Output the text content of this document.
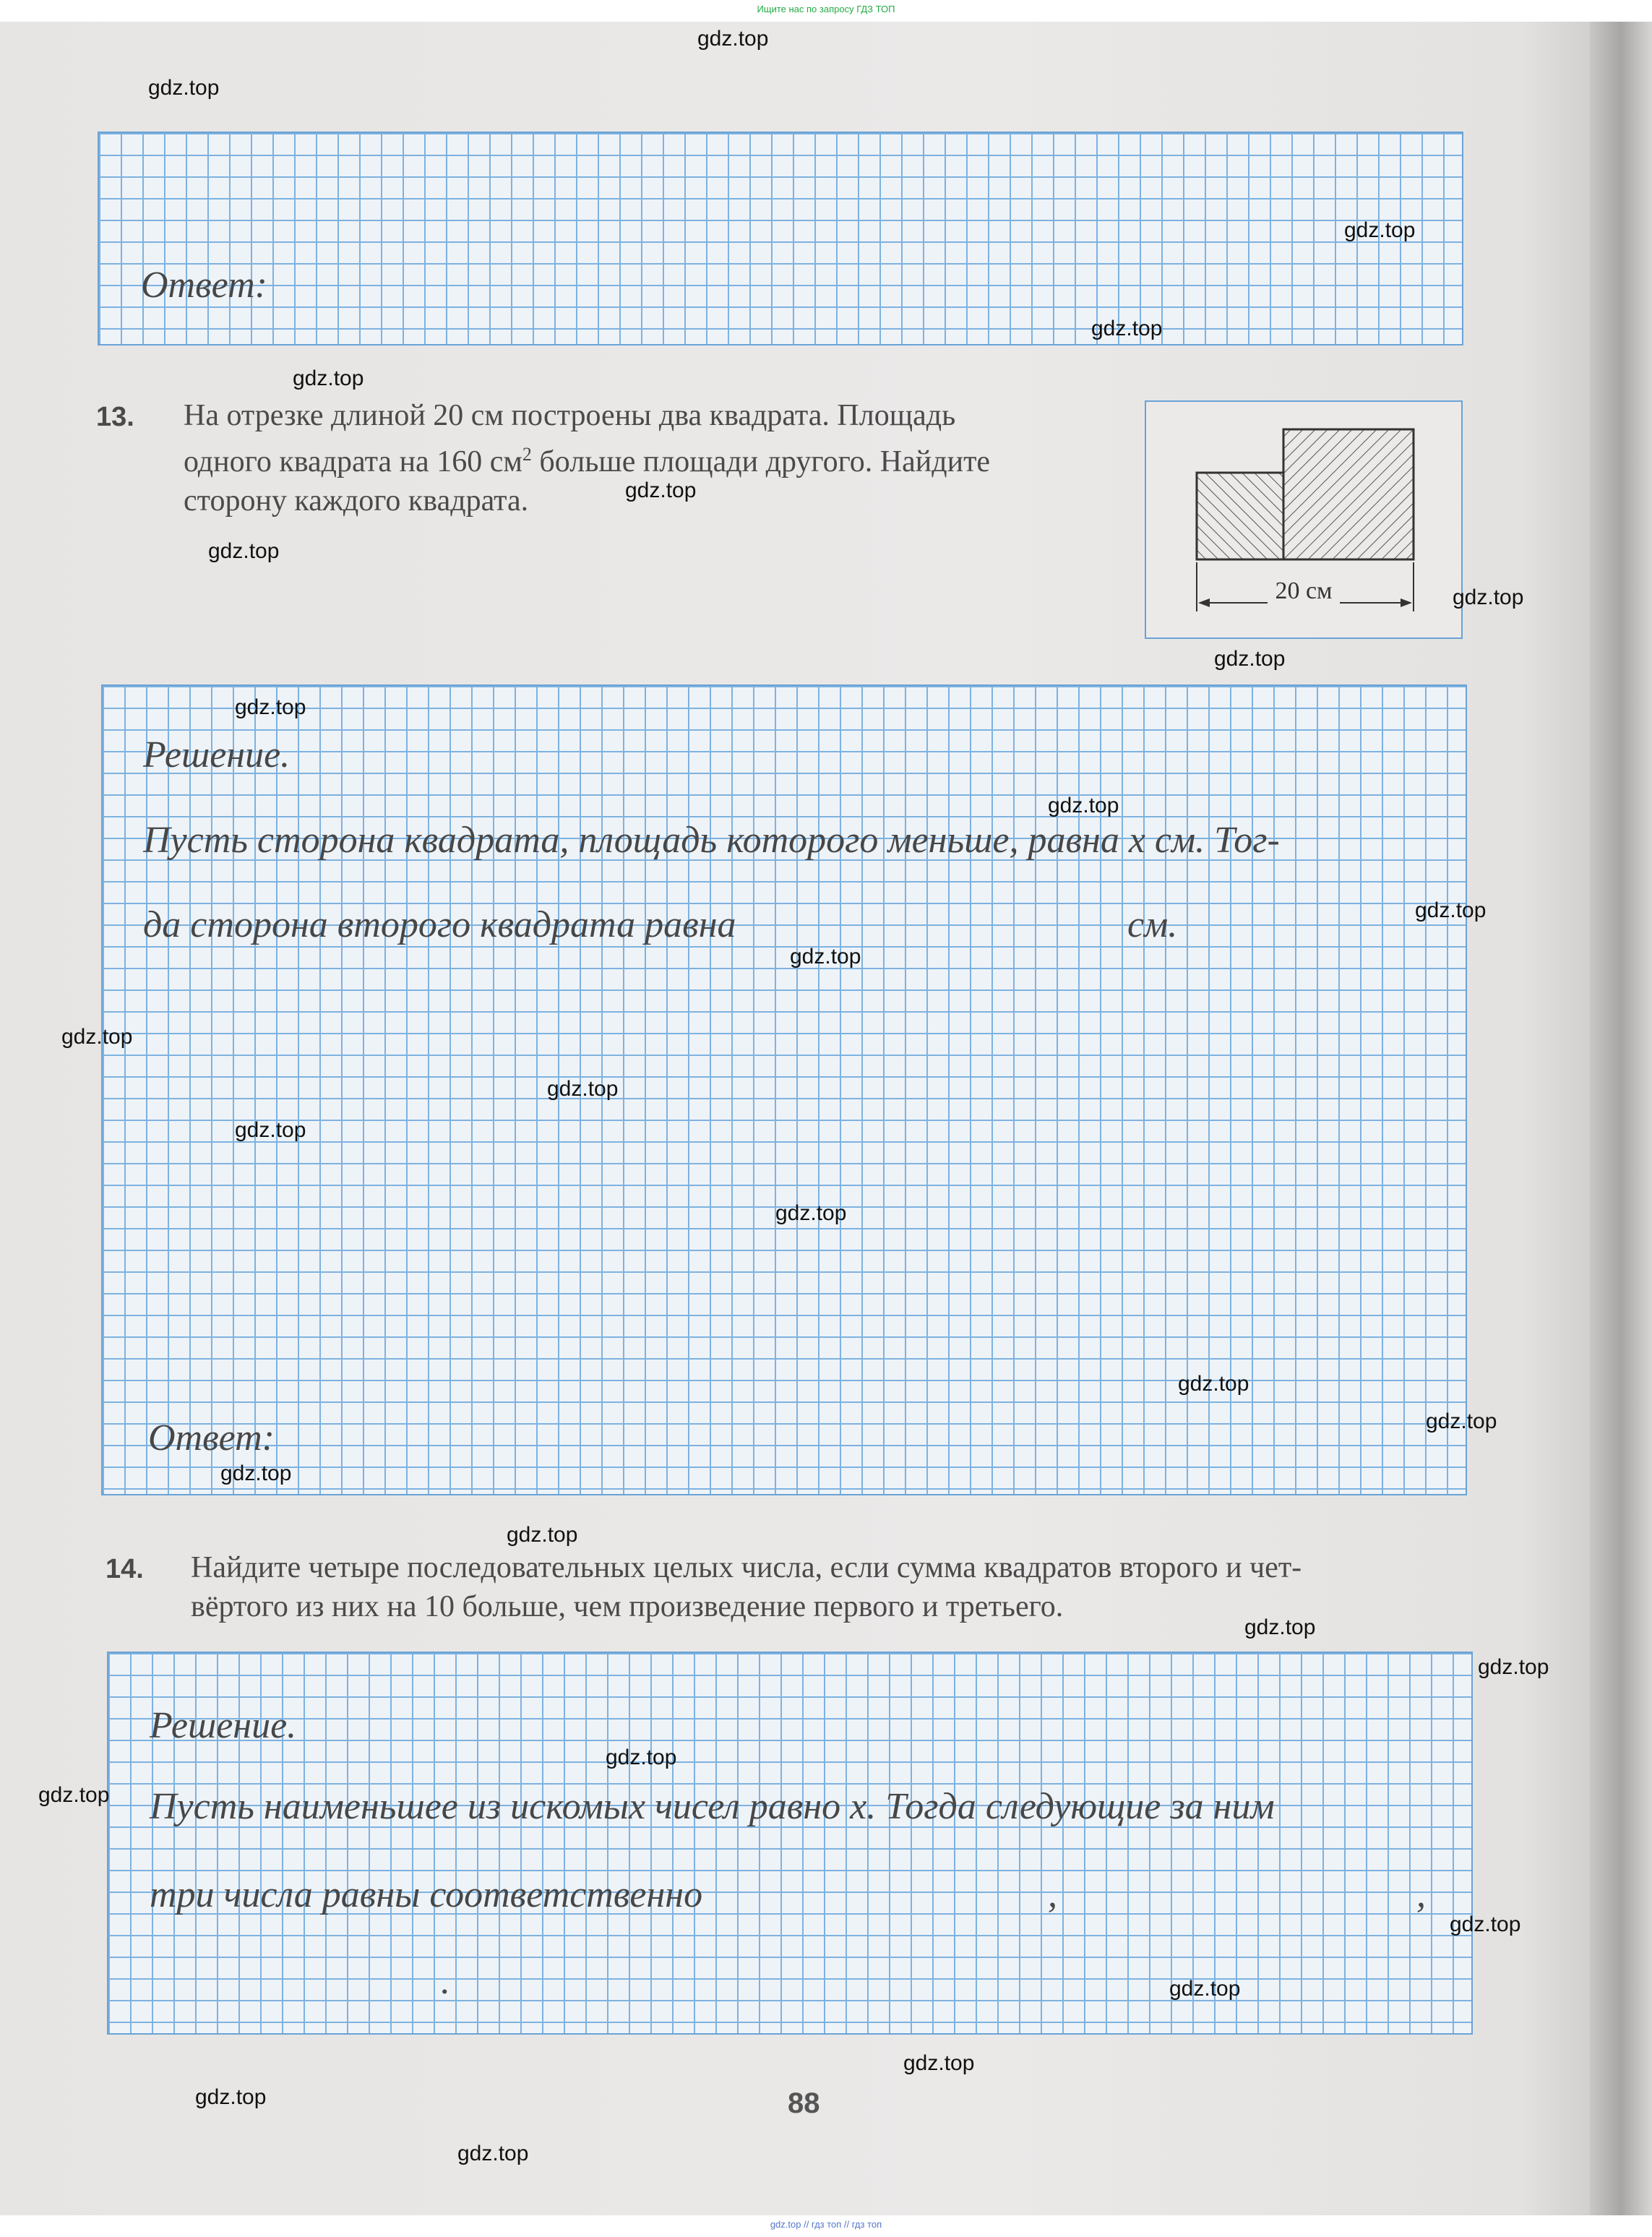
Ищите нас по запросу ГДЗ ТОП
Ответ:
13. На отрезке длиной 20 см построены два квадрата. Площадь
одного квадрата на 160 $см^2$ больше площади другого. Найдите
сторону каждого квадрата.
20 см
Решение.
Пусть сторона квадрата, площадь которого меньше, равна х см. Тог-
да сторона второго квадрата равна	см.
Ответ:
14. Найдите четыре последовательных целых числа, если сумма квадратов второго и чет-
вёртого из них на 10 больше, чем произведение первого и третьего.
Решение.
Пусть наименьшее из искомых чисел равно х. Тогда следующие за ним
три числа равны соответственно	,	,
.
88
gdz.top
gdz.top
gdz.top
gdz.top
gdz.top
gdz.top
gdz.top
gdz.top
gdz.top
gdz.top
gdz.top
gdz.top
gdz.top
gdz.top
gdz.top
gdz.top
gdz.top
gdz.top
gdz.top
gdz.top
gdz.top
gdz.top
gdz.top
gdz.top
gdz.top
gdz.top
gdz.top
gdz.top
gdz.top
gdz.top
gdz.top // гдз топ // гдз топ
